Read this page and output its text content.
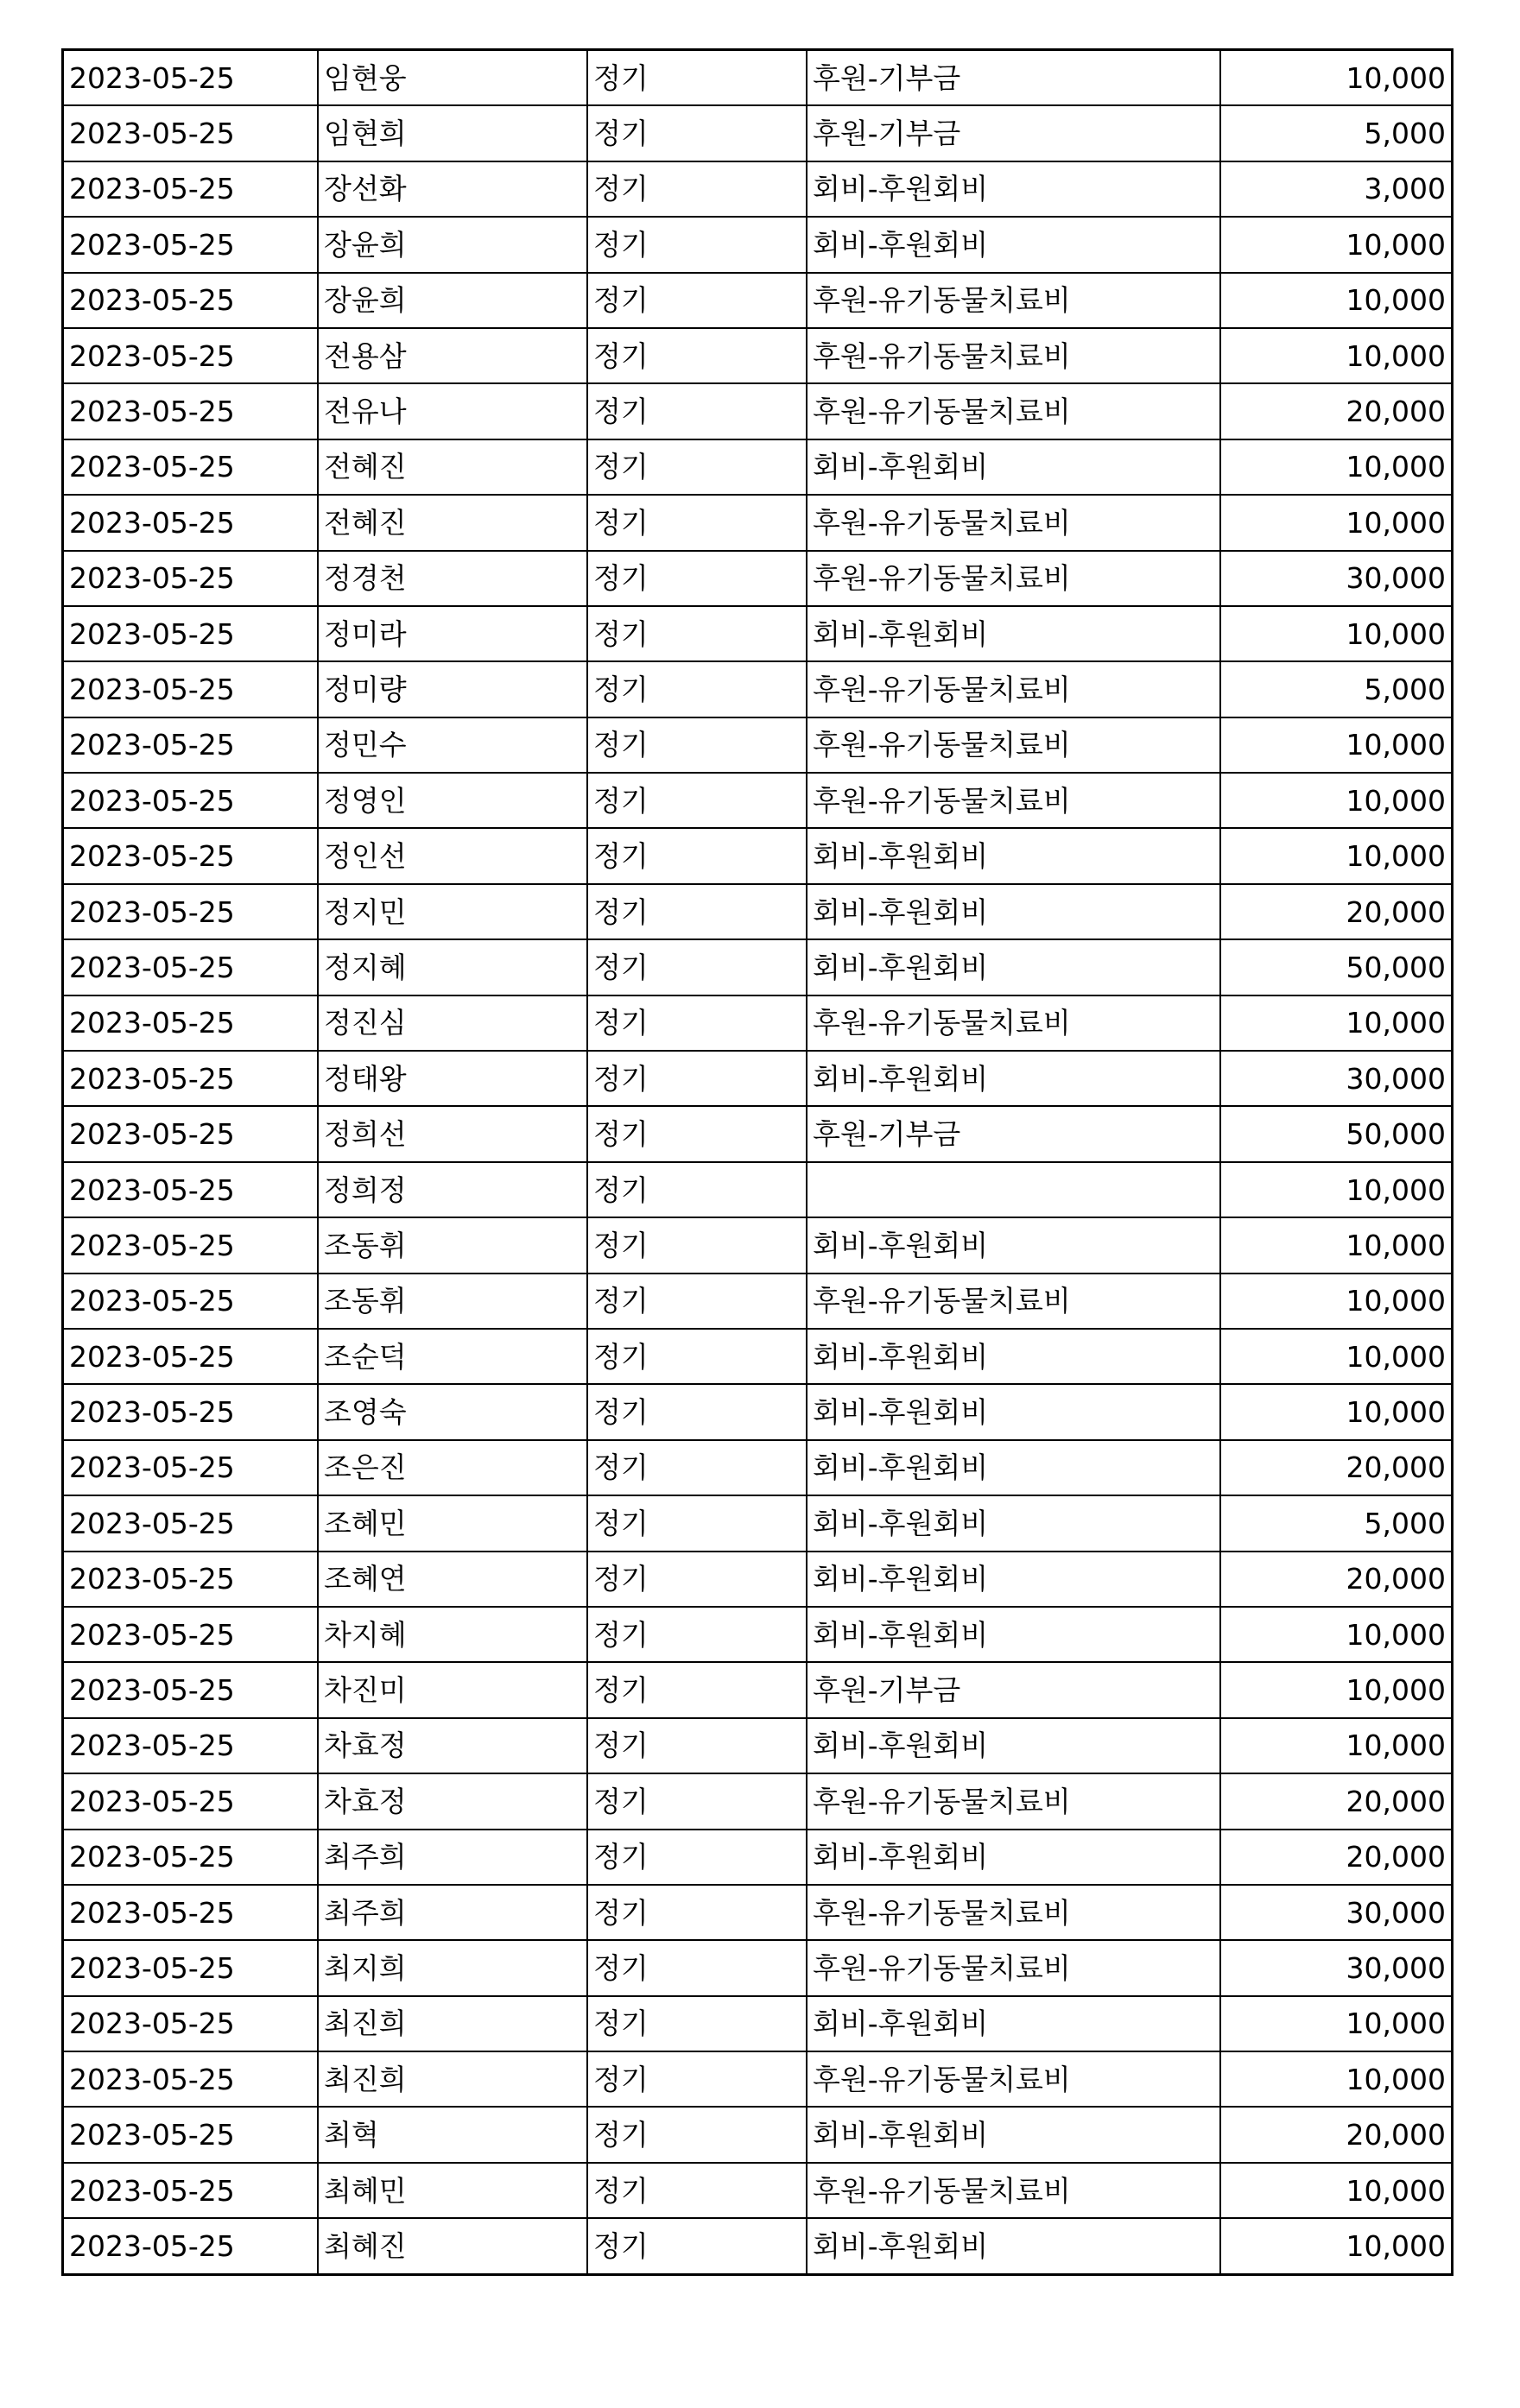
2023-05-25	임현웅	정기	후원-기부금	10,000
2023-05-25	임현희	정기	후원-기부금	5,000
2023-05-25	장선화	정기	회비-후원회비	3,000
2023-05-25	장윤희	정기	회비-후원회비	10,000
2023-05-25	장윤희	정기	후원-유기동물치료비	10,000
2023-05-25	전용삼	정기	후원-유기동물치료비	10,000
2023-05-25	전유나	정기	후원-유기동물치료비	20,000
2023-05-25	전혜진	정기	회비-후원회비	10,000
2023-05-25	전혜진	정기	후원-유기동물치료비	10,000
2023-05-25	정경천	정기	후원-유기동물치료비	30,000
2023-05-25	정미라	정기	회비-후원회비	10,000
2023-05-25	정미량	정기	후원-유기동물치료비	5,000
2023-05-25	정민수	정기	후원-유기동물치료비	10,000
2023-05-25	정영인	정기	후원-유기동물치료비	10,000
2023-05-25	정인선	정기	회비-후원회비	10,000
2023-05-25	정지민	정기	회비-후원회비	20,000
2023-05-25	정지혜	정기	회비-후원회비	50,000
2023-05-25	정진심	정기	후원-유기동물치료비	10,000
2023-05-25	정태왕	정기	회비-후원회비	30,000
2023-05-25	정희선	정기	후원-기부금	50,000
2023-05-25	정희정	정기		10,000
2023-05-25	조동휘	정기	회비-후원회비	10,000
2023-05-25	조동휘	정기	후원-유기동물치료비	10,000
2023-05-25	조순덕	정기	회비-후원회비	10,000
2023-05-25	조영숙	정기	회비-후원회비	10,000
2023-05-25	조은진	정기	회비-후원회비	20,000
2023-05-25	조혜민	정기	회비-후원회비	5,000
2023-05-25	조혜연	정기	회비-후원회비	20,000
2023-05-25	차지혜	정기	회비-후원회비	10,000
2023-05-25	차진미	정기	후원-기부금	10,000
2023-05-25	차효정	정기	회비-후원회비	10,000
2023-05-25	차효정	정기	후원-유기동물치료비	20,000
2023-05-25	최주희	정기	회비-후원회비	20,000
2023-05-25	최주희	정기	후원-유기동물치료비	30,000
2023-05-25	최지희	정기	후원-유기동물치료비	30,000
2023-05-25	최진희	정기	회비-후원회비	10,000
2023-05-25	최진희	정기	후원-유기동물치료비	10,000
2023-05-25	최혁	정기	회비-후원회비	20,000
2023-05-25	최혜민	정기	후원-유기동물치료비	10,000
2023-05-25	최혜진	정기	회비-후원회비	10,000
